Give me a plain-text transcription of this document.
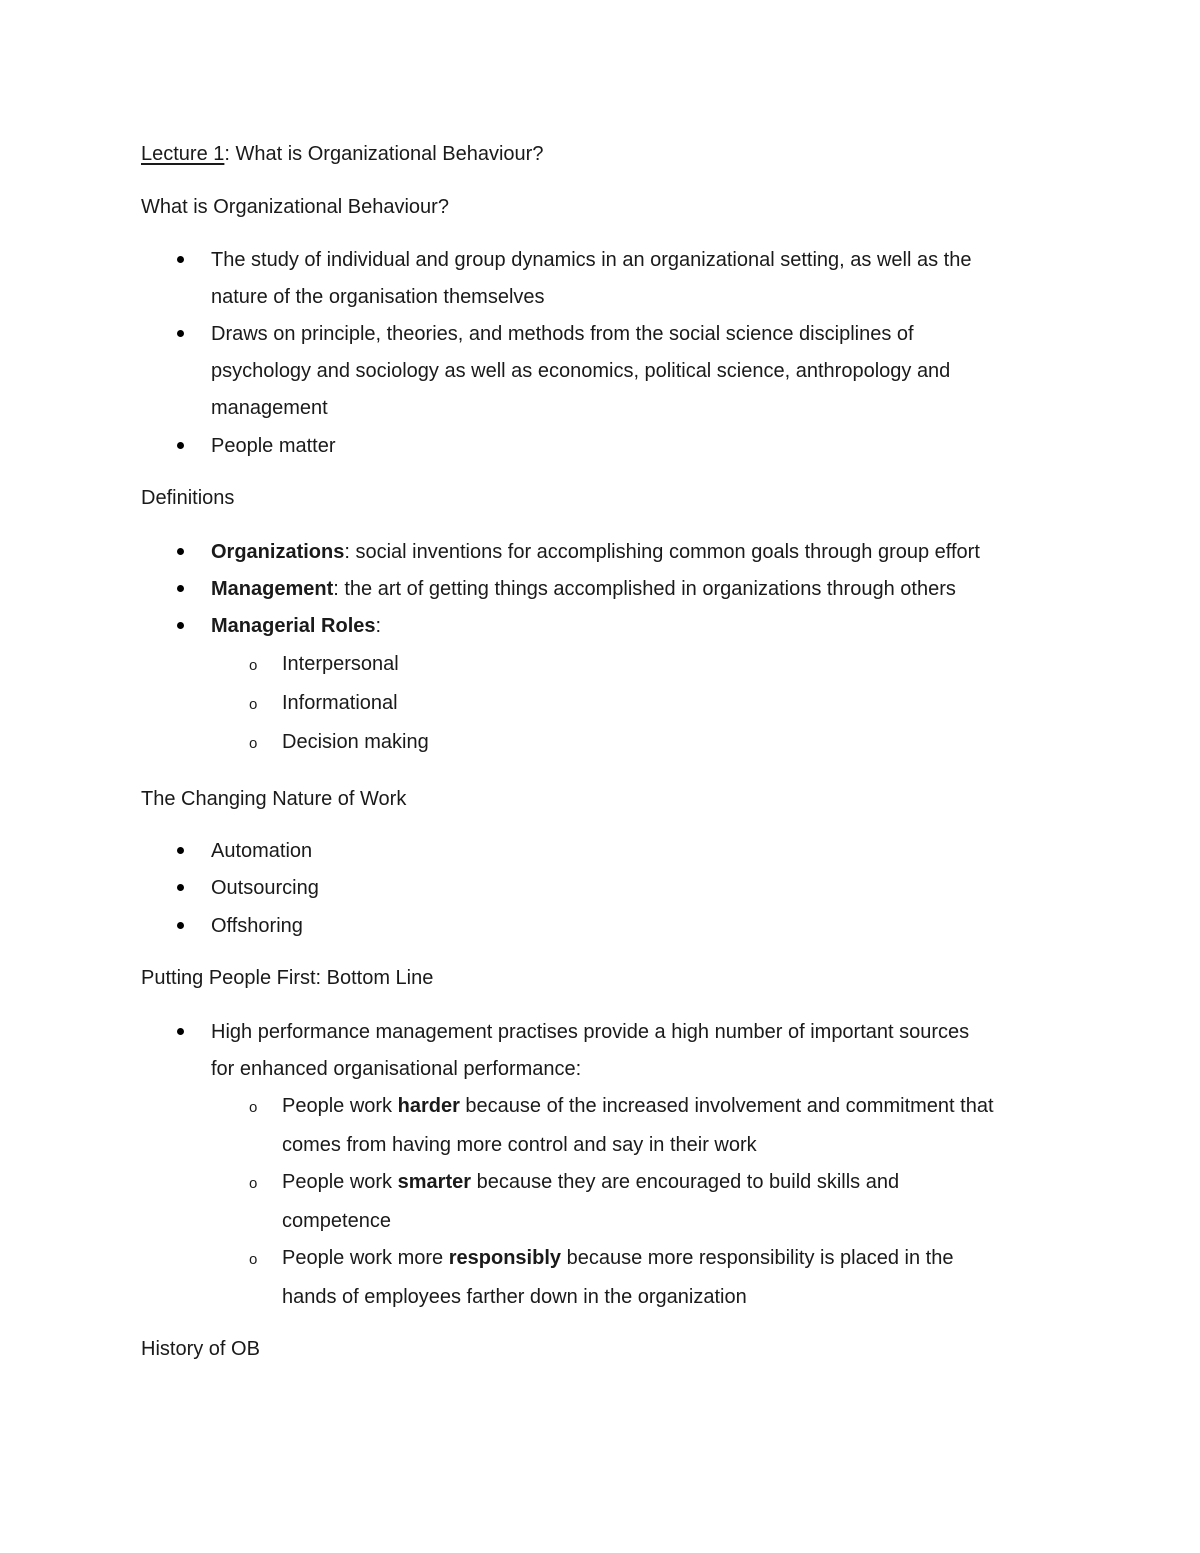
Lecture 1: What is Organizational Behaviour?
What is Organizational Behaviour?
The study of individual and group dynamics in an organizational setting, as well as the
nature of the organisation themselves
Draws on principle, theories, and methods from the social science disciplines of
psychology and sociology as well as economics, political science, anthropology and
management
People matter
Definitions
Organizations: social inventions for accomplishing common goals through group effort
Management: the art of getting things accomplished in organizations through others
Managerial Roles:
o Interpersonal
o Informational
o Decision making
The Changing Nature of Work
Automation
Outsourcing
Offshoring
Putting People First: Bottom Line
High performance management practises provide a high number of important sources
for enhanced organisational performance:
o People work harder because of the increased involvement and commitment that
comes from having more control and say in their work
o People work smarter because they are encouraged to build skills and
competence
o People work more responsibly because more responsibility is placed in the
hands of employees farther down in the organization
History of OB
